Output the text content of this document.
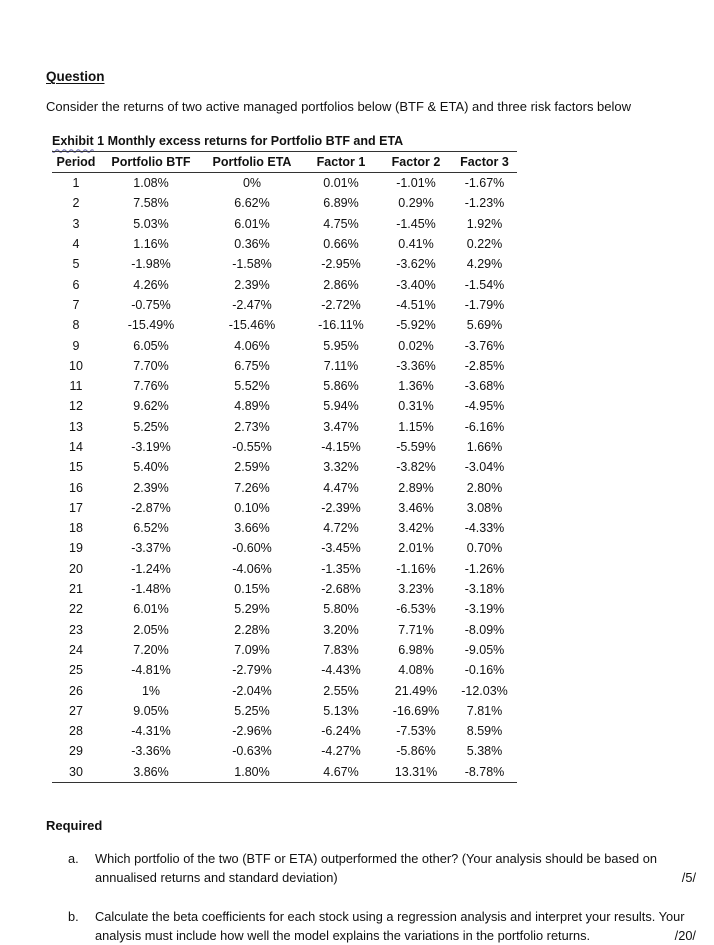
Question
Consider the returns of two active managed portfolios below (BTF & ETA) and three risk factors below
Exhibit 1 Monthly excess returns for Portfolio BTF and ETA
Period	Portfolio BTF	Portfolio ETA	Factor 1	Factor 2	Factor 3
1	1.08%	0%	0.01%	-1.01%	-1.67%
2	7.58%	6.62%	6.89%	0.29%	-1.23%
3	5.03%	6.01%	4.75%	-1.45%	1.92%
4	1.16%	0.36%	0.66%	0.41%	0.22%
5	-1.98%	-1.58%	-2.95%	-3.62%	4.29%
6	4.26%	2.39%	2.86%	-3.40%	-1.54%
7	-0.75%	-2.47%	-2.72%	-4.51%	-1.79%
8	-15.49%	-15.46%	-16.11%	-5.92%	5.69%
9	6.05%	4.06%	5.95%	0.02%	-3.76%
10	7.70%	6.75%	7.11%	-3.36%	-2.85%
11	7.76%	5.52%	5.86%	1.36%	-3.68%
12	9.62%	4.89%	5.94%	0.31%	-4.95%
13	5.25%	2.73%	3.47%	1.15%	-6.16%
14	-3.19%	-0.55%	-4.15%	-5.59%	1.66%
15	5.40%	2.59%	3.32%	-3.82%	-3.04%
16	2.39%	7.26%	4.47%	2.89%	2.80%
17	-2.87%	0.10%	-2.39%	3.46%	3.08%
18	6.52%	3.66%	4.72%	3.42%	-4.33%
19	-3.37%	-0.60%	-3.45%	2.01%	0.70%
20	-1.24%	-4.06%	-1.35%	-1.16%	-1.26%
21	-1.48%	0.15%	-2.68%	3.23%	-3.18%
22	6.01%	5.29%	5.80%	-6.53%	-3.19%
23	2.05%	2.28%	3.20%	7.71%	-8.09%
24	7.20%	7.09%	7.83%	6.98%	-9.05%
25	-4.81%	-2.79%	-4.43%	4.08%	-0.16%
26	1%	-2.04%	2.55%	21.49%	-12.03%
27	9.05%	5.25%	5.13%	-16.69%	7.81%
28	-4.31%	-2.96%	-6.24%	-7.53%	8.59%
29	-3.36%	-0.63%	-4.27%	-5.86%	5.38%
30	3.86%	1.80%	4.67%	13.31%	-8.78%
Required
a. Which portfolio of the two (BTF or ETA) outperformed the other? (Your analysis should be based on annualised returns and standard deviation)	/5/
b. Calculate the beta coefficients for each stock using a regression analysis and interpret your results. Your analysis must include how well the model explains the variations in the portfolio returns.	/20/
